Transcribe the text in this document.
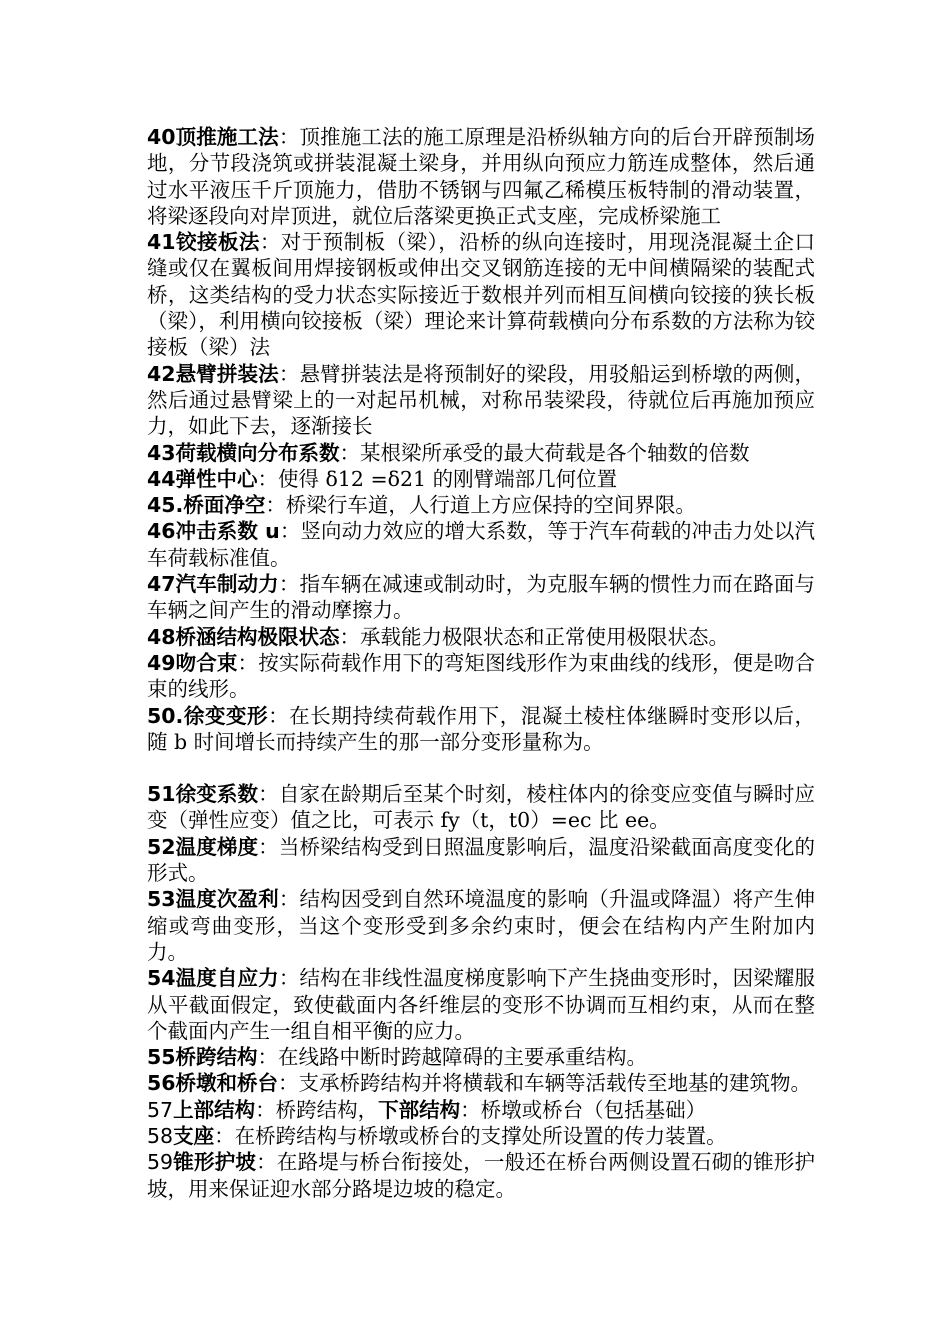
40顶推施工法：顶推施工法的施工原理是沿桥纵轴方向的后台开辟预制场地，分节段浇筑或拼装混凝土梁身，并用纵向预应力筋连成整体，然后通过水平液压千斤顶施力，借肋不锈钢与四氟乙稀模压板特制的滑动装置，将梁逐段向对岸顶进，就位后落梁更换正式支座，完成桥梁施工

41铰接板法：对于预制板（梁），沿桥的纵向连接时，用现浇混凝土企口缝或仅在翼板间用焊接钢板或伸出交叉钢筋连接的无中间横隔梁的装配式桥，这类结构的受力状态实际接近于数根并列而相互间横向铰接的狭长板（梁），利用横向铰接板（梁）理论来计算荷载横向分布系数的方法称为铰接板（梁）法

42悬臂拼装法：悬臂拼装法是将预制好的梁段，用驳船运到桥墩的两侧，然后通过悬臂梁上的一对起吊机械，对称吊装梁段，待就位后再施加预应力，如此下去，逐渐接长

43荷载横向分布系数：某根梁所承受的最大荷载是各个轴数的倍数

44弹性中心：使得 δ12 =δ21 的刚臂端部几何位置

45.桥面净空：桥梁行车道，人行道上方应保持的空间界限。

46冲击系数 u：竖向动力效应的增大系数，等于汽车荷载的冲击力处以汽车荷载标准值。

47汽车制动力：指车辆在减速或制动时，为克服车辆的惯性力而在路面与车辆之间产生的滑动摩擦力。

48桥涵结构极限状态：承载能力极限状态和正常使用极限状态。

49吻合束：按实际荷载作用下的弯矩图线形作为束曲线的线形，便是吻合束的线形。

50.徐变变形：在长期持续荷载作用下，混凝土棱柱体继瞬时变形以后，随 b 时间增长而持续产生的那一部分变形量称为。

51徐变系数：自家在龄期后至某个时刻，棱柱体内的徐变应变值与瞬时应变（弹性应变）值之比，可表示 fy（t，t0）=ec 比 ee。

52温度梯度：当桥梁结构受到日照温度影响后，温度沿梁截面高度变化的形式。

53温度次盈利：结构因受到自然环境温度的影响（升温或降温）将产生伸缩或弯曲变形，当这个变形受到多余约束时，便会在结构内产生附加内力。

54温度自应力：结构在非线性温度梯度影响下产生挠曲变形时，因梁耀服从平截面假定，致使截面内各纤维层的变形不协调而互相约束，从而在整个截面内产生一组自相平衡的应力。

55桥跨结构：在线路中断时跨越障碍的主要承重结构。

56桥墩和桥台：支承桥跨结构并将横载和车辆等活载传至地基的建筑物。

57上部结构：桥跨结构，下部结构：桥墩或桥台（包括基础）

58支座：在桥跨结构与桥墩或桥台的支撑处所设置的传力装置。

59锥形护坡：在路堤与桥台衔接处，一般还在桥台两侧设置石砌的锥形护坡，用来保证迎水部分路堤边坡的稳定。
